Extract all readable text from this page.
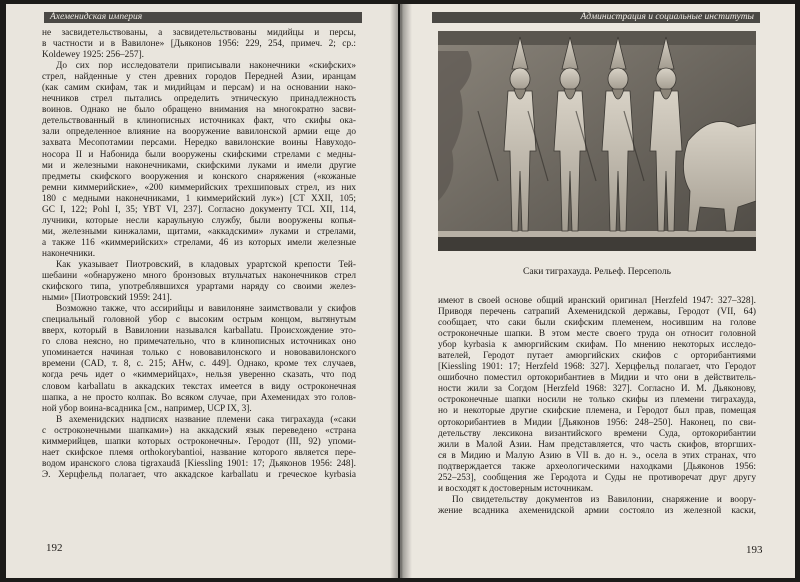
Ахеменидская империя
не засвидетельствованы, а засвидетельствованы мидийцы и персы,
в частности и в Вавилоне» [Дьяконов 1956: 229, 254, примеч. 2; ср.:
Koldewey 1925: 256–257].
До сих пор исследователи приписывали наконечники «скифских»
стрел, найденные у стен древних городов Передней Азии, иранцам
(как самим скифам, так и мидийцам и персам) и на основании нако-
нечников стрел пытались определить этническую принадлежность
воинов. Однако не было обращено внимания на многократно засви-
детельствованный в клинописных источниках факт, что скифы ока-
зали определенное влияние на вооружение вавилонской армии еще до
захвата Месопотамии персами. Нередко вавилонские воины Навуходо-
носора II и Набонида были вооружены скифскими стрелами с медны-
ми и железными наконечниками, скифскими луками и имели другие
предметы скифского вооружения и конского снаряжения («кожаные
ремни киммерийские», «200 киммерийских трехшиповых стрел, из них
180 с медными наконечниками, 1 киммерийский лук») [CT XXII, 105;
GC I, 122; Pohl I, 35; YBT VI, 237]. Согласно документу TCL XII, 114,
лучники, которые несли караульную службу, были вооружены копья-
ми, железными кинжалами, щитами, «аккадскими» луками и стрелами,
а также 116 «киммерийских» стрелами, 46 из которых имели железные
наконечники.
Как указывает Пиотровский, в кладовых урартской крепости Тей-
шебаини «обнаружено много бронзовых втульчатых наконечников стрел
скифского типа, употреблявшихся урартами наряду со своими желез-
ными» [Пиотровский 1959: 241].
Возможно также, что ассирийцы и вавилоняне заимствовали у скифов
специальный головной убор с высоким острым концом, вытянутым
вверх, который в Вавилонии назывался karballatu. Происхождение это-
го слова неясно, но примечательно, что в клинописных источниках оно
упоминается начиная только с нововавилонского и нововавилонского
времени (CAD, т. 8, с. 215; AHw, с. 449]. Однако, кроме тех случаев,
когда речь идет о «киммерийцах», нельзя уверенно сказать, что под
словом karballatu в аккадских текстах имеется в виду остроконечная
шапка, а не просто колпак. Во всяком случае, при Ахеменидах это голов-
ной убор воина-всадника [см., например, UCP IX, 3].
В ахеменидских надписях название племени сака тиграхауда («саки
с остроконечными шапками») на аккадский язык переведено «страна
киммерийцев, шапки которых остроконечны». Геродот (III, 92) упоми-
нает скифское племя orthokorybantioi, название которого является пере-
водом иранского слова tigraxaudā [Kiessling 1901: 17; Дьяконов 1956: 248].
Э. Херцфельд полагает, что аккадское karballatu и греческое kyrbasia
192
Администрация и социальные институты
Саки тиграхауда. Рельеф. Персеполь
имеют в своей основе общий иранский оригинал [Herzfeld 1947: 327–328].
Приводя перечень сатрапий Ахеменидской державы, Геродот (VII, 64)
сообщает, что саки были скифским племенем, носившим на голове
остроконечные шапки. В этом месте своего труда он относит головной
убор kyrbasia к амюргийским скифам. По мнению некоторых исследо-
вателей, Геродот путает амюргийских скифов с орторибантиями
[Kiessling 1901: 17; Herzfeld 1968: 327]. Херцфельд полагает, что Геродот
ошибочно поместил ортокорибантиев в Мидии и что они в действитель-
ности жили за Согдом [Herzfeld 1968: 327]. Согласно И. М. Дьяконову,
остроконечные шапки носили не только скифы из племени тиграхауда,
но и некоторые другие скифские племена, и Геродот был прав, помещая
ортокорибантиев в Мидии [Дьяконов 1956: 248–250]. Наконец, по сви-
детельству лексикона византийского времени Суда, ортокорибантии
жили в Малой Азии. Нам представляется, что часть скифов, вторгших-
ся в Мидию и Малую Азию в VII в. до н. э., осела в этих странах, что
подтверждается также археологическими находками [Дьяконов 1956:
252–253], сообщения же Геродота и Суды не противоречат друг другу
и восходят к достоверным источникам.
По свидетельству документов из Вавилонии, снаряжение и воору-
жение всадника ахеменидской армии состояло из железной каски,
193
